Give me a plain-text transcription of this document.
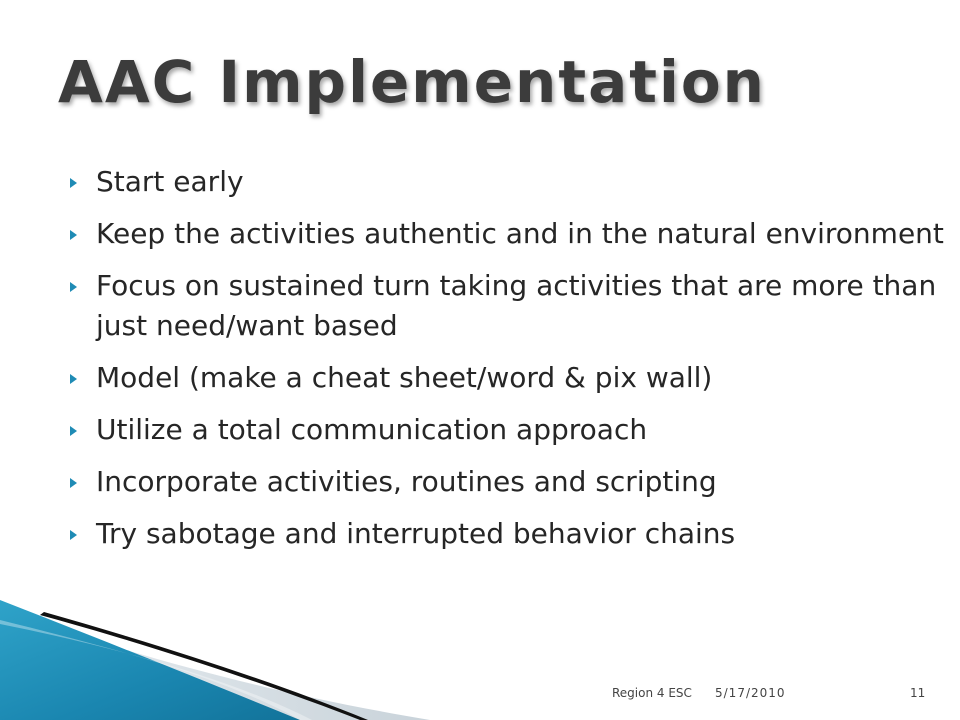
AAC Implementation
Start early
Keep the activities authentic and in the natural environment
Focus on sustained turn taking activities that are more than just need/want based
Model (make a cheat sheet/word & pix wall)
Utilize a total communication approach
Incorporate activities, routines and scripting
Try sabotage and interrupted behavior chains
Region 4 ESC 5/17/2010	11
